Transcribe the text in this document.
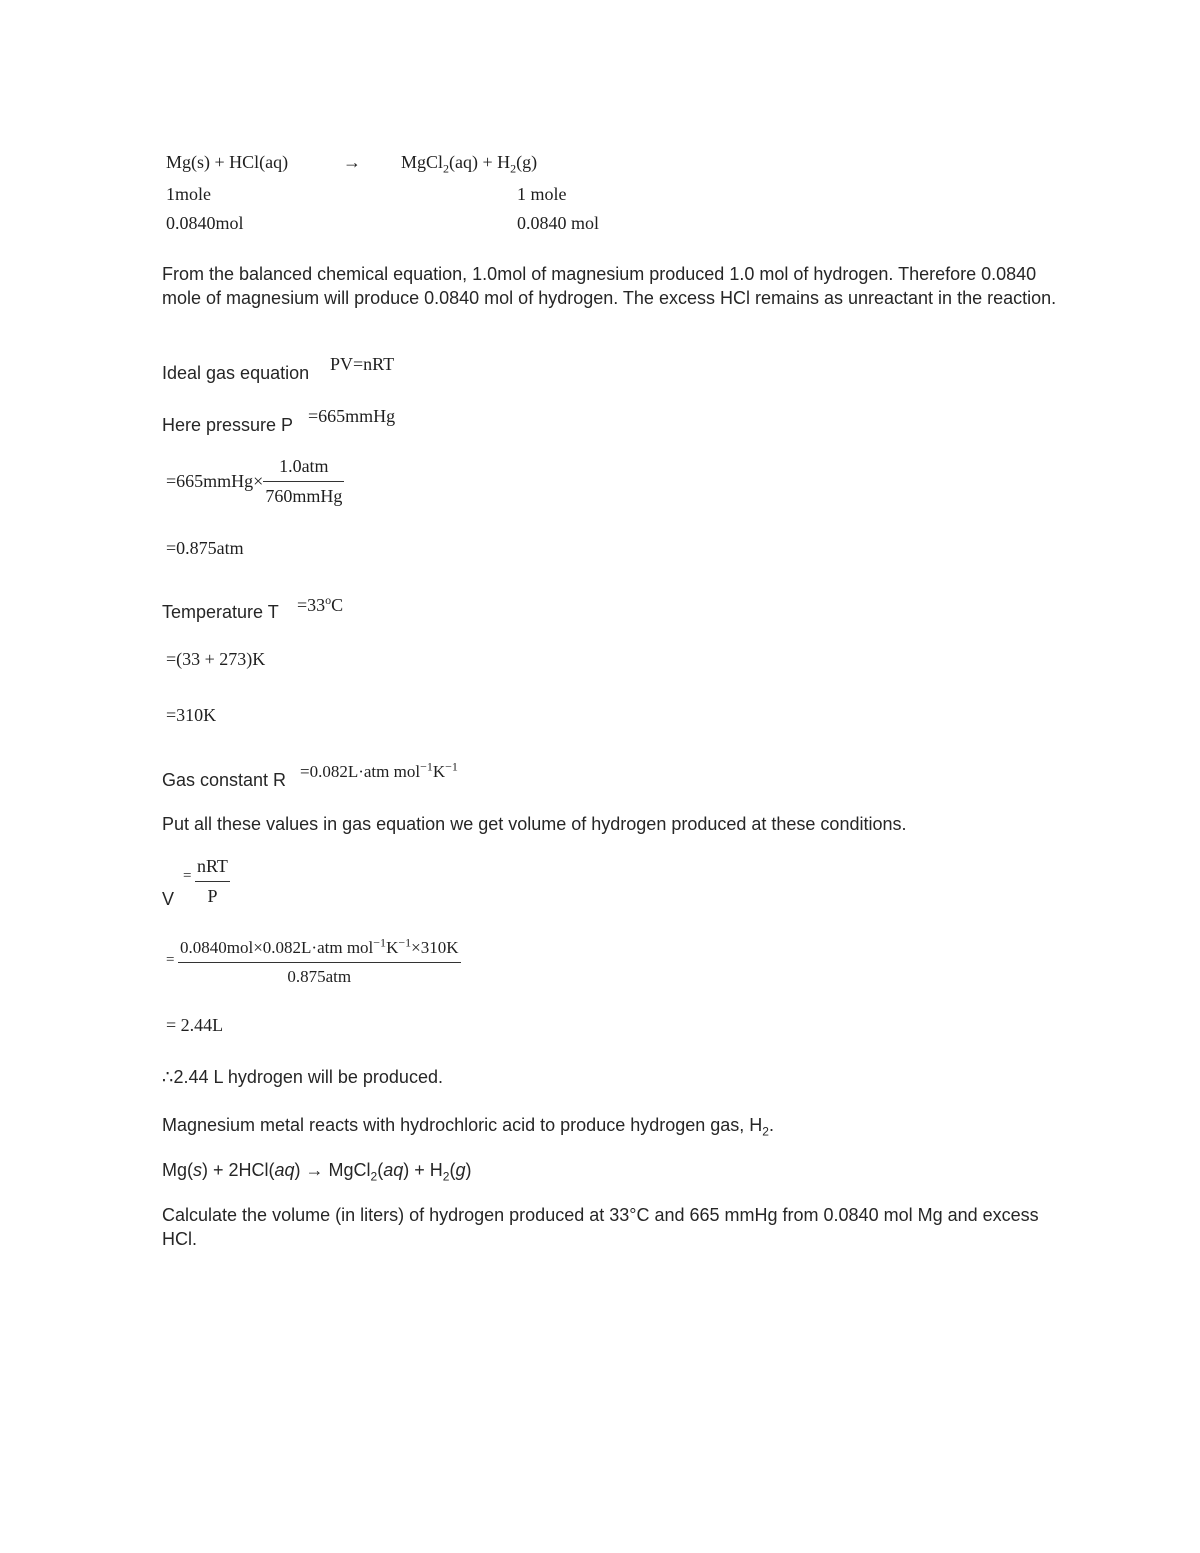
Mg(s) + HCl(aq)	→ MgCl$_2$(aq) + $H_2(g)$
1mole	1 mole
0.0840mol	0.0840 mol
From the balanced chemical equation, 1.0mol of magnesium produced 1.0 mol of hydrogen. Therefore 0.0840 mole of magnesium will produce 0.0840 mol of hydrogen. The excess HCl remains as unreactant in the reaction.
Ideal gas equation PV=nRT
Here pressure P =665mmHg
=665mmHg× $\frac{\text{1.0atm}}{\text{760mmHg}}$
=0.875atm
Temperature $T =33^oC$
=(33 + 273)K
=310K
Gas constant R =0.082L·atm $mol^{-1}K^{-1}$
Put all these values in gas equation we get volume of hydrogen produced at these conditions.
= $\frac{\text{nRT}}{P}$
V
= $\frac{0.0840mol\times 0.082L\cdot atm mol^{-1}K^{-1}\times 310K}{\text{0.875atm}}$
= 2.44L
∴2.44 L hydrogen will be produced.
Magnesium metal reacts with hydrochloric acid to produce hydrogen gas, $H_2$.
Mg(s) + 2HCl(aq) → MgCl$_2$(aq) + $H_2(g)$
Calculate the volume (in liters) of hydrogen produced at 33°C and 665 mmHg from 0.0840 mol Mg and excess HCl.
